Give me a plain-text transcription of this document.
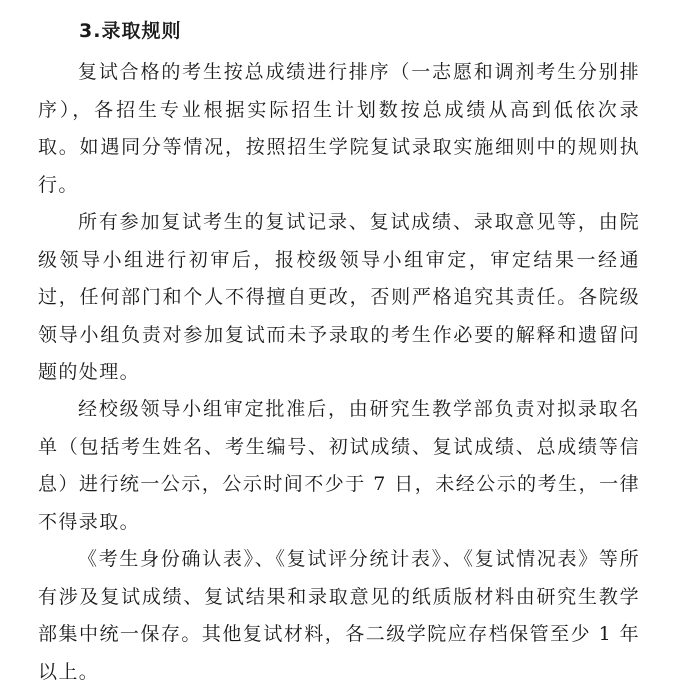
3.录取规则

复试合格的考生按总成绩进行排序（一志愿和调剂考生分别排序），各招生专业根据实际招生计划数按总成绩从高到低依次录取。如遇同分等情况，按照招生学院复试录取实施细则中的规则执行。

所有参加复试考生的复试记录、复试成绩、录取意见等，由院级领导小组进行初审后，报校级领导小组审定，审定结果一经通过，任何部门和个人不得擅自更改，否则严格追究其责任。各院级领导小组负责对参加复试而未予录取的考生作必要的解释和遗留问题的处理。

经校级领导小组审定批准后，由研究生教学部负责对拟录取名单（包括考生姓名、考生编号、初试成绩、复试成绩、总成绩等信息）进行统一公示，公示时间不少于 7 日，未经公示的考生，一律不得录取。

《考生身份确认表》、《复试评分统计表》、《复试情况表》等所有涉及复试成绩、复试结果和录取意见的纸质版材料由研究生教学部集中统一保存。其他复试材料，各二级学院应存档保管至少 1 年以上。
